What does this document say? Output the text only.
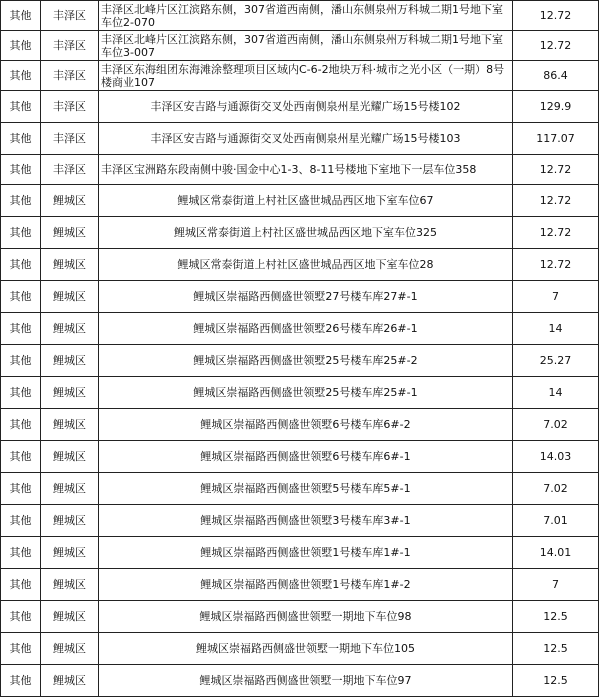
其他	丰泽区	丰泽区北峰片区江滨路东侧，307省道西南侧，潘山东侧泉州万科城二期1号地下室车位2-070	12.72
其他	丰泽区	丰泽区北峰片区江滨路东侧，307省道西南侧，潘山东侧泉州万科城二期1号地下室车位3-007	12.72
其他	丰泽区	丰泽区东海组团东海滩涂整理项目区域内C-6-2地块万科·城市之光小区（一期）8号楼商业107	86.4
其他	丰泽区	丰泽区安吉路与通源街交叉处西南侧泉州星光耀广场15号楼102	129.9
其他	丰泽区	丰泽区安吉路与通源街交叉处西南侧泉州星光耀广场15号楼103	117.07
其他	丰泽区	丰泽区宝洲路东段南侧中骏·国金中心1-3、8-11号楼地下室地下一层车位358	12.72
其他	鲤城区	鲤城区常泰街道上村社区盛世城品西区地下室车位67	12.72
其他	鲤城区	鲤城区常泰街道上村社区盛世城品西区地下室车位325	12.72
其他	鲤城区	鲤城区常泰街道上村社区盛世城品西区地下室车位28	12.72
其他	鲤城区	鲤城区崇福路西侧盛世领墅27号楼车库27#-1	7
其他	鲤城区	鲤城区崇福路西侧盛世领墅26号楼车库26#-1	14
其他	鲤城区	鲤城区崇福路西侧盛世领墅25号楼车库25#-2	25.27
其他	鲤城区	鲤城区崇福路西侧盛世领墅25号楼车库25#-1	14
其他	鲤城区	鲤城区崇福路西侧盛世领墅6号楼车库6#-2	7.02
其他	鲤城区	鲤城区崇福路西侧盛世领墅6号楼车库6#-1	14.03
其他	鲤城区	鲤城区崇福路西侧盛世领墅5号楼车库5#-1	7.02
其他	鲤城区	鲤城区崇福路西侧盛世领墅3号楼车库3#-1	7.01
其他	鲤城区	鲤城区崇福路西侧盛世领墅1号楼车库1#-1	14.01
其他	鲤城区	鲤城区崇福路西侧盛世领墅1号楼车库1#-2	7
其他	鲤城区	鲤城区崇福路西侧盛世领墅一期地下车位98	12.5
其他	鲤城区	鲤城区崇福路西侧盛世领墅一期地下车位105	12.5
其他	鲤城区	鲤城区崇福路西侧盛世领墅一期地下车位97	12.5
